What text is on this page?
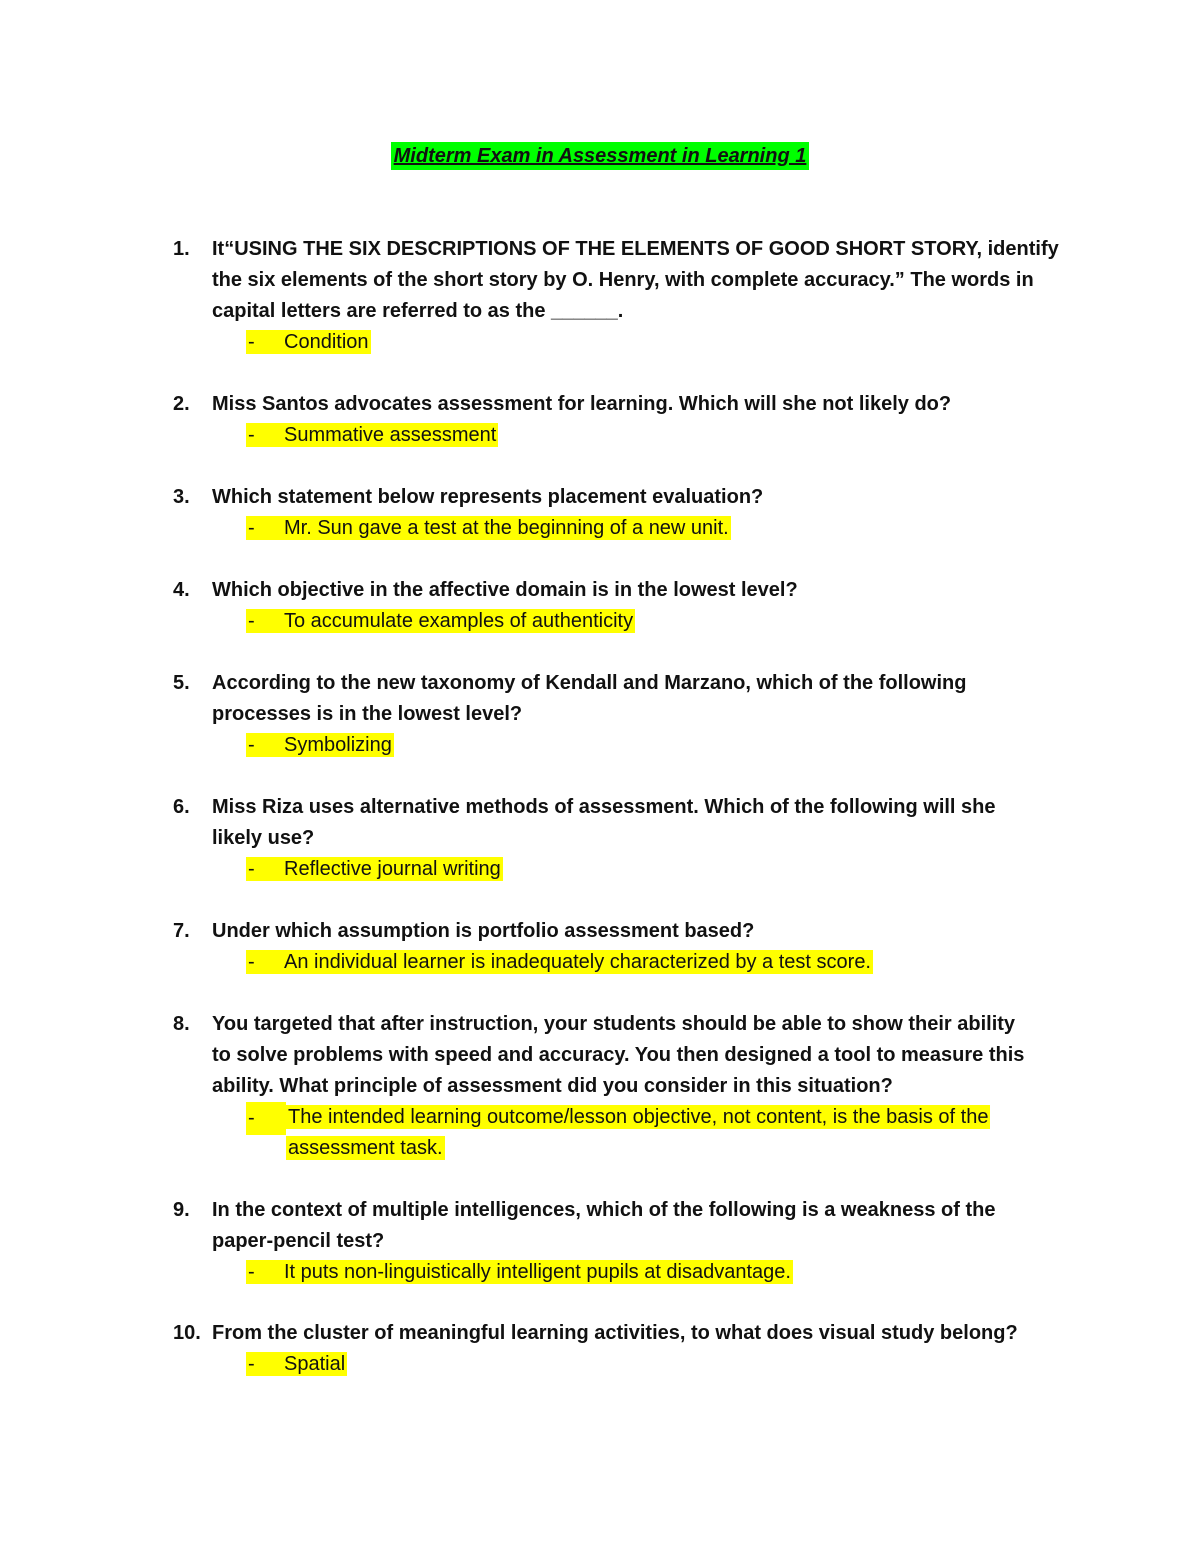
Midterm Exam in Assessment in Learning 1
1.	It“USING THE SIX DESCRIPTIONS OF THE ELEMENTS OF GOOD SHORT STORY, identify
the six elements of the short story by O. Henry, with complete accuracy.” The words in
capital letters are referred to as the ______.
- Condition
2.	Miss Santos advocates assessment for learning. Which will she not likely do?
- Summative assessment
3.	Which statement below represents placement evaluation?
- Mr. Sun gave a test at the beginning of a new unit.
4.	Which objective in the affective domain is in the lowest level?
- To accumulate examples of authenticity
5.	According to the new taxonomy of Kendall and Marzano, which of the following
processes is in the lowest level?
- Symbolizing
6.	Miss Riza uses alternative methods of assessment. Which of the following will she
likely use?
- Reflective journal writing
7.	Under which assumption is portfolio assessment based?
- An individual learner is inadequately characterized by a test score.
8.	You targeted that after instruction, your students should be able to show their ability
to solve problems with speed and accuracy. You then designed a tool to measure this
ability. What principle of assessment did you consider in this situation?
- The intended learning outcome/lesson objective, not content, is the basis of the
assessment task.
9.	In the context of multiple intelligences, which of the following is a weakness of the
paper-pencil test?
- It puts non-linguistically intelligent pupils at disadvantage.
10. From the cluster of meaningful learning activities, to what does visual study belong?
- Spatial
